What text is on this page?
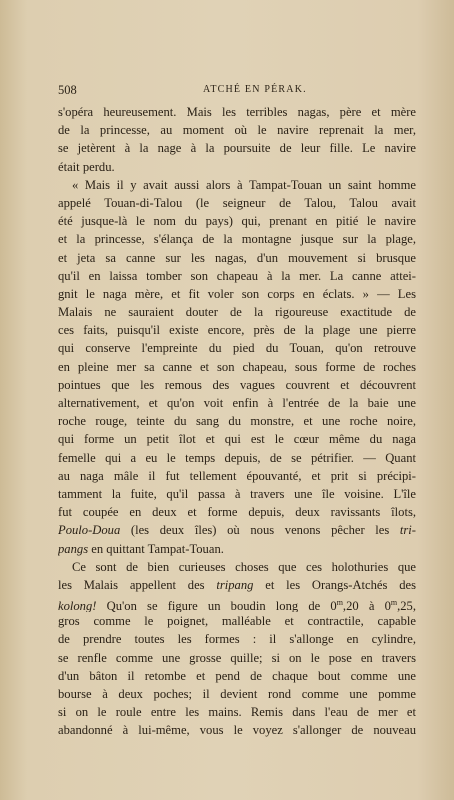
508	ATCHÉ EN PÉRAK.
s'opéra heureusement. Mais les terribles nagas, père et mère
de la princesse, au moment où le navire reprenait la mer,
se jetèrent à la nage à la poursuite de leur fille. Le navire
était perdu.
« Mais il y avait aussi alors à Tampat-Touan un saint homme
appelé Touan-di-Talou (le seigneur de Talou, Talou avait
été jusque-là le nom du pays) qui, prenant en pitié le navire
et la princesse, s'élança de la montagne jusque sur la plage,
et jeta sa canne sur les nagas, d'un mouvement si brusque
qu'il en laissa tomber son chapeau à la mer. La canne attei-
gnit le naga mère, et fit voler son corps en éclats. » — Les
Malais ne sauraient douter de la rigoureuse exactitude de
ces faits, puisqu'il existe encore, près de la plage une pierre
qui conserve l'empreinte du pied du Touan, qu'on retrouve
en pleine mer sa canne et son chapeau, sous forme de roches
pointues que les remous des vagues couvrent et découvrent
alternativement, et qu'on voit enfin à l'entrée de la baie une
roche rouge, teinte du sang du monstre, et une roche noire,
qui forme un petit îlot et qui est le cœur même du naga
femelle qui a eu le temps depuis, de se pétrifier. — Quant
au naga mâle il fut tellement épouvanté, et prit si précipi-
tamment la fuite, qu'il passa à travers une île voisine. L'île
fut coupée en deux et forme depuis, deux ravissants îlots,
Poulo-Doua (les deux îles) où nous venons pêcher les tri-
pangs en quittant Tampat-Touan.
Ce sont de bien curieuses choses que ces holothuries que
les Malais appellent des tripang et les Orangs-Atchés des
kolong! Qu'on se figure un boudin long de 0$^m$,20 à 0$^m$,25,
gros comme le poignet, malléable et contractile, capable
de prendre toutes les formes : il s'allonge en cylindre,
se renfle comme une grosse quille; si on le pose en travers
d'un bâton il retombe et pend de chaque bout comme une
bourse à deux poches; il devient rond comme une pomme
si on le roule entre les mains. Remis dans l'eau de mer et
abandonné à lui-même, vous le voyez s'allonger de nouveau
